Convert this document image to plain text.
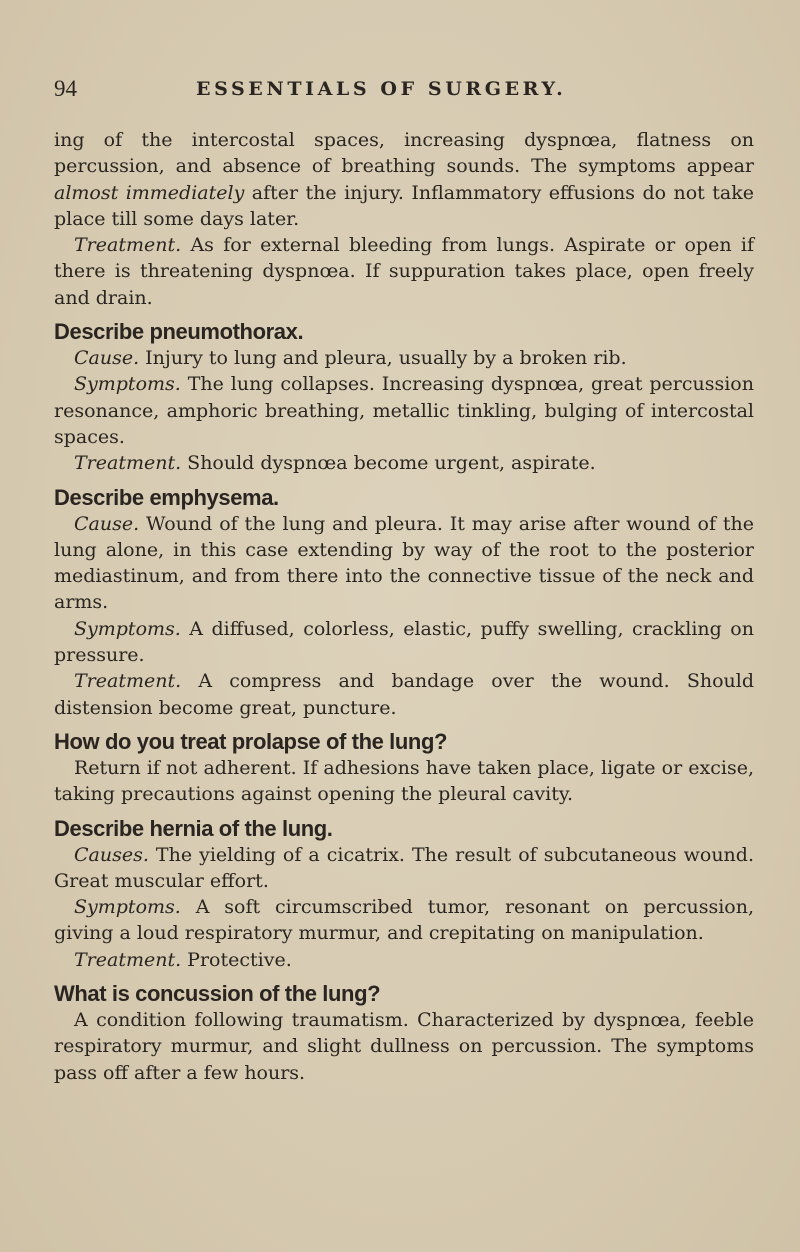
94	ESSENTIALS OF SURGERY.

ing of the intercostal spaces, increasing dyspnœa, flatness on percussion, and absence of breathing sounds. The symptoms appear almost immediately after the injury. Inflammatory effusions do not take place till some days later.

Treatment. As for external bleeding from lungs. Aspirate or open if there is threatening dyspnœa. If suppuration takes place, open freely and drain.

Describe pneumothorax.

Cause. Injury to lung and pleura, usually by a broken rib.

Symptoms. The lung collapses. Increasing dyspnœa, great percussion resonance, amphoric breathing, metallic tinkling, bulging of intercostal spaces.

Treatment. Should dyspnœa become urgent, aspirate.

Describe emphysema.

Cause. Wound of the lung and pleura. It may arise after wound of the lung alone, in this case extending by way of the root to the posterior mediastinum, and from there into the connective tissue of the neck and arms.

Symptoms. A diffused, colorless, elastic, puffy swelling, crackling on pressure.

Treatment. A compress and bandage over the wound. Should distension become great, puncture.

How do you treat prolapse of the lung?

Return if not adherent. If adhesions have taken place, ligate or excise, taking precautions against opening the pleural cavity.

Describe hernia of the lung.

Causes. The yielding of a cicatrix. The result of subcutaneous wound. Great muscular effort.

Symptoms. A soft circumscribed tumor, resonant on percussion, giving a loud respiratory murmur, and crepitating on manipulation.

Treatment. Protective.

What is concussion of the lung?

A condition following traumatism. Characterized by dyspnœa, feeble respiratory murmur, and slight dullness on percussion. The symptoms pass off after a few hours.
